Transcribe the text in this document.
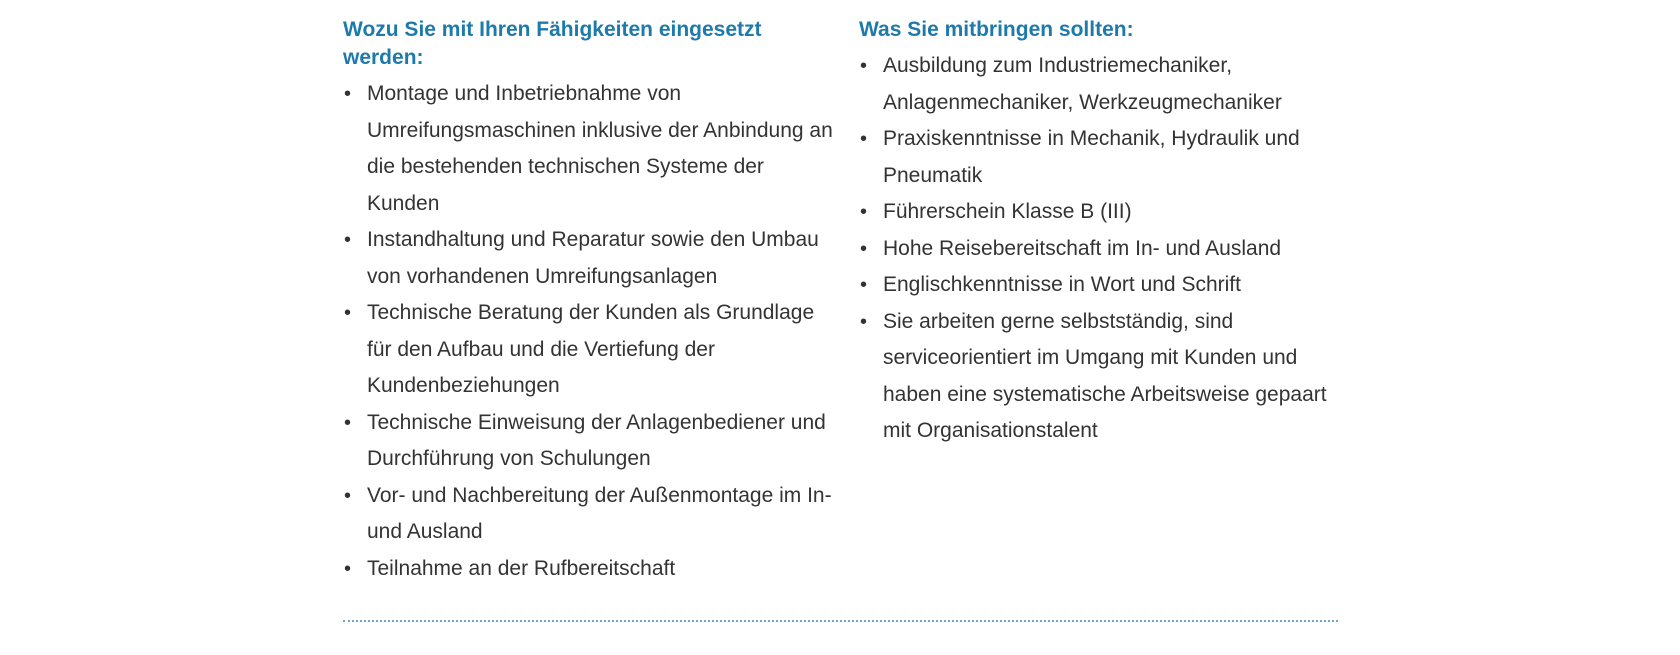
Wozu Sie mit Ihren Fähigkeiten eingesetzt werden:
• Montage und Inbetriebnahme von Umreifungsmaschinen inklusive der Anbindung an die bestehenden technischen Systeme der Kunden
• Instandhaltung und Reparatur sowie den Umbau von vorhandenen Umreifungsanlagen
• Technische Beratung der Kunden als Grundlage für den Aufbau und die Vertiefung der Kundenbeziehungen
• Technische Einweisung der Anlagenbediener und Durchführung von Schulungen
• Vor- und Nachbereitung der Außenmontage im In- und Ausland
• Teilnahme an der Rufbereitschaft
Was Sie mitbringen sollten:
• Ausbildung zum Industriemechaniker, Anlagenmechaniker, Werkzeugmechaniker
• Praxiskenntnisse in Mechanik, Hydraulik und Pneumatik
• Führerschein Klasse B (III)
• Hohe Reisebereitschaft im In- und Ausland
• Englischkenntnisse in Wort und Schrift
• Sie arbeiten gerne selbstständig, sind serviceorientiert im Umgang mit Kunden und haben eine systematische Arbeitsweise gepaart mit Organisationstalent
